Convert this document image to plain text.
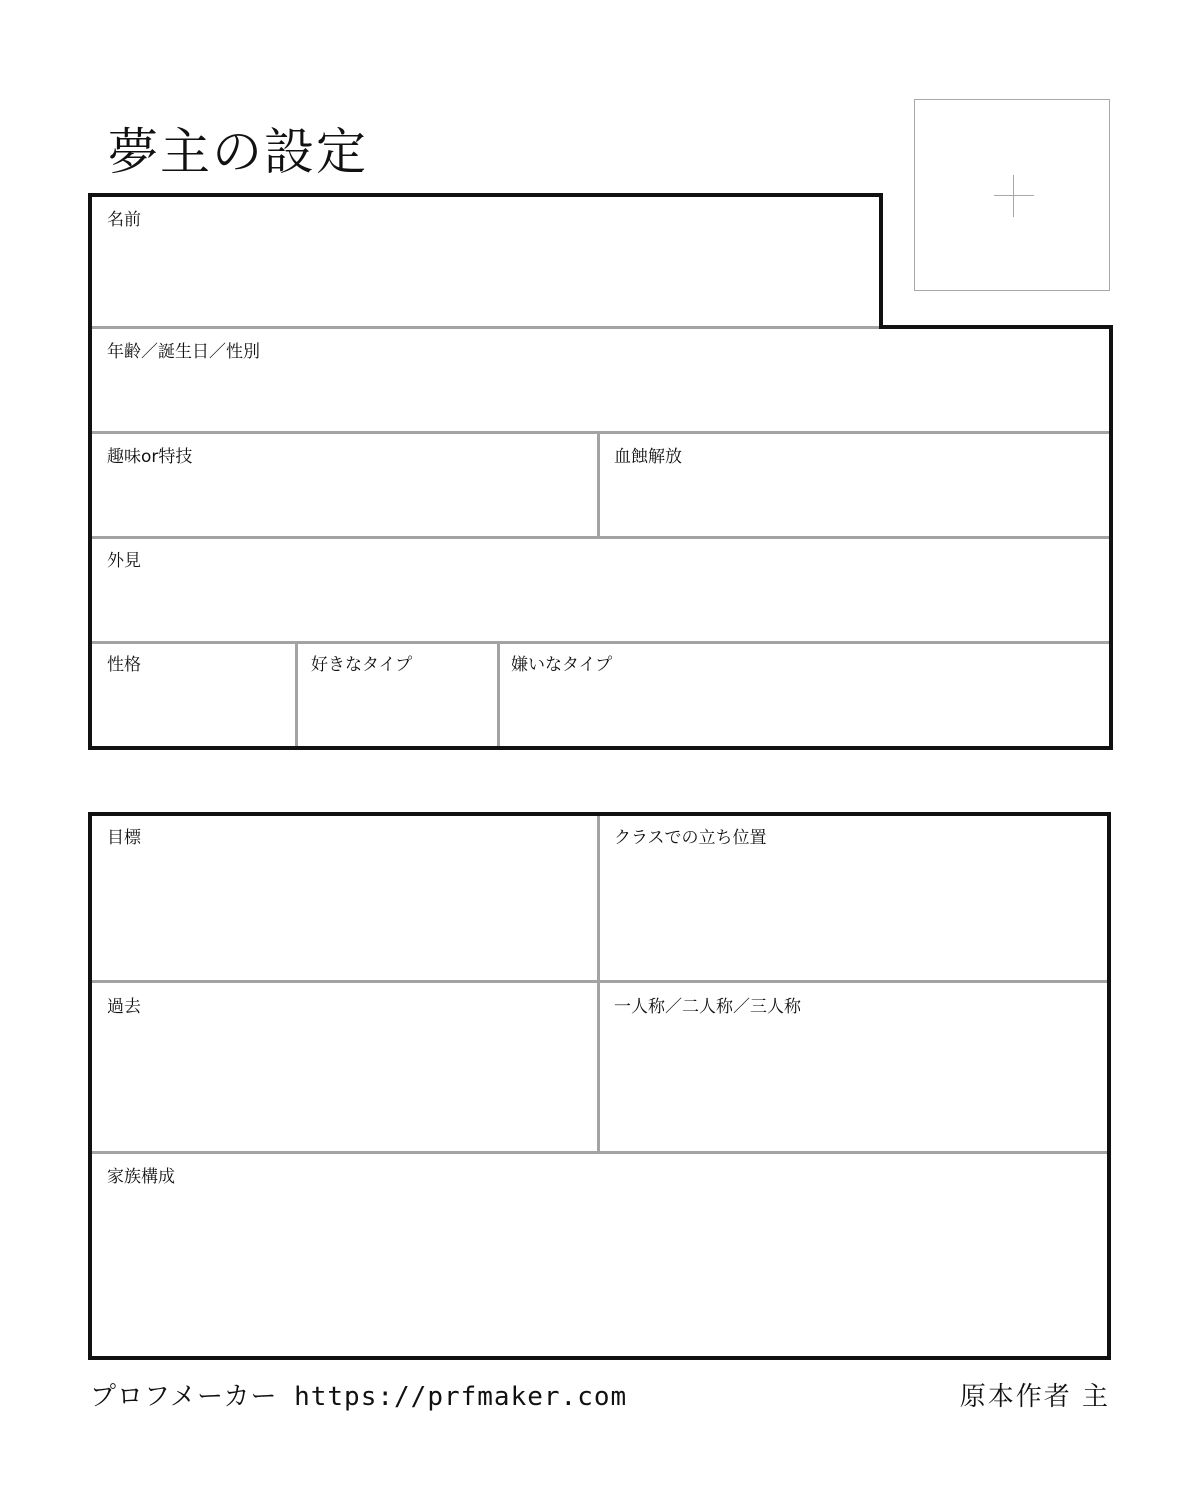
夢主の設定
名前
年齢／誕生日／性別
趣味or特技	血蝕解放
外見
性格	好きなタイプ	嫌いなタイプ
目標	クラスでの立ち位置
過去	一人称／二人称／三人称
家族構成
プロフメーカー https://prfmaker.com	原本作者 主
